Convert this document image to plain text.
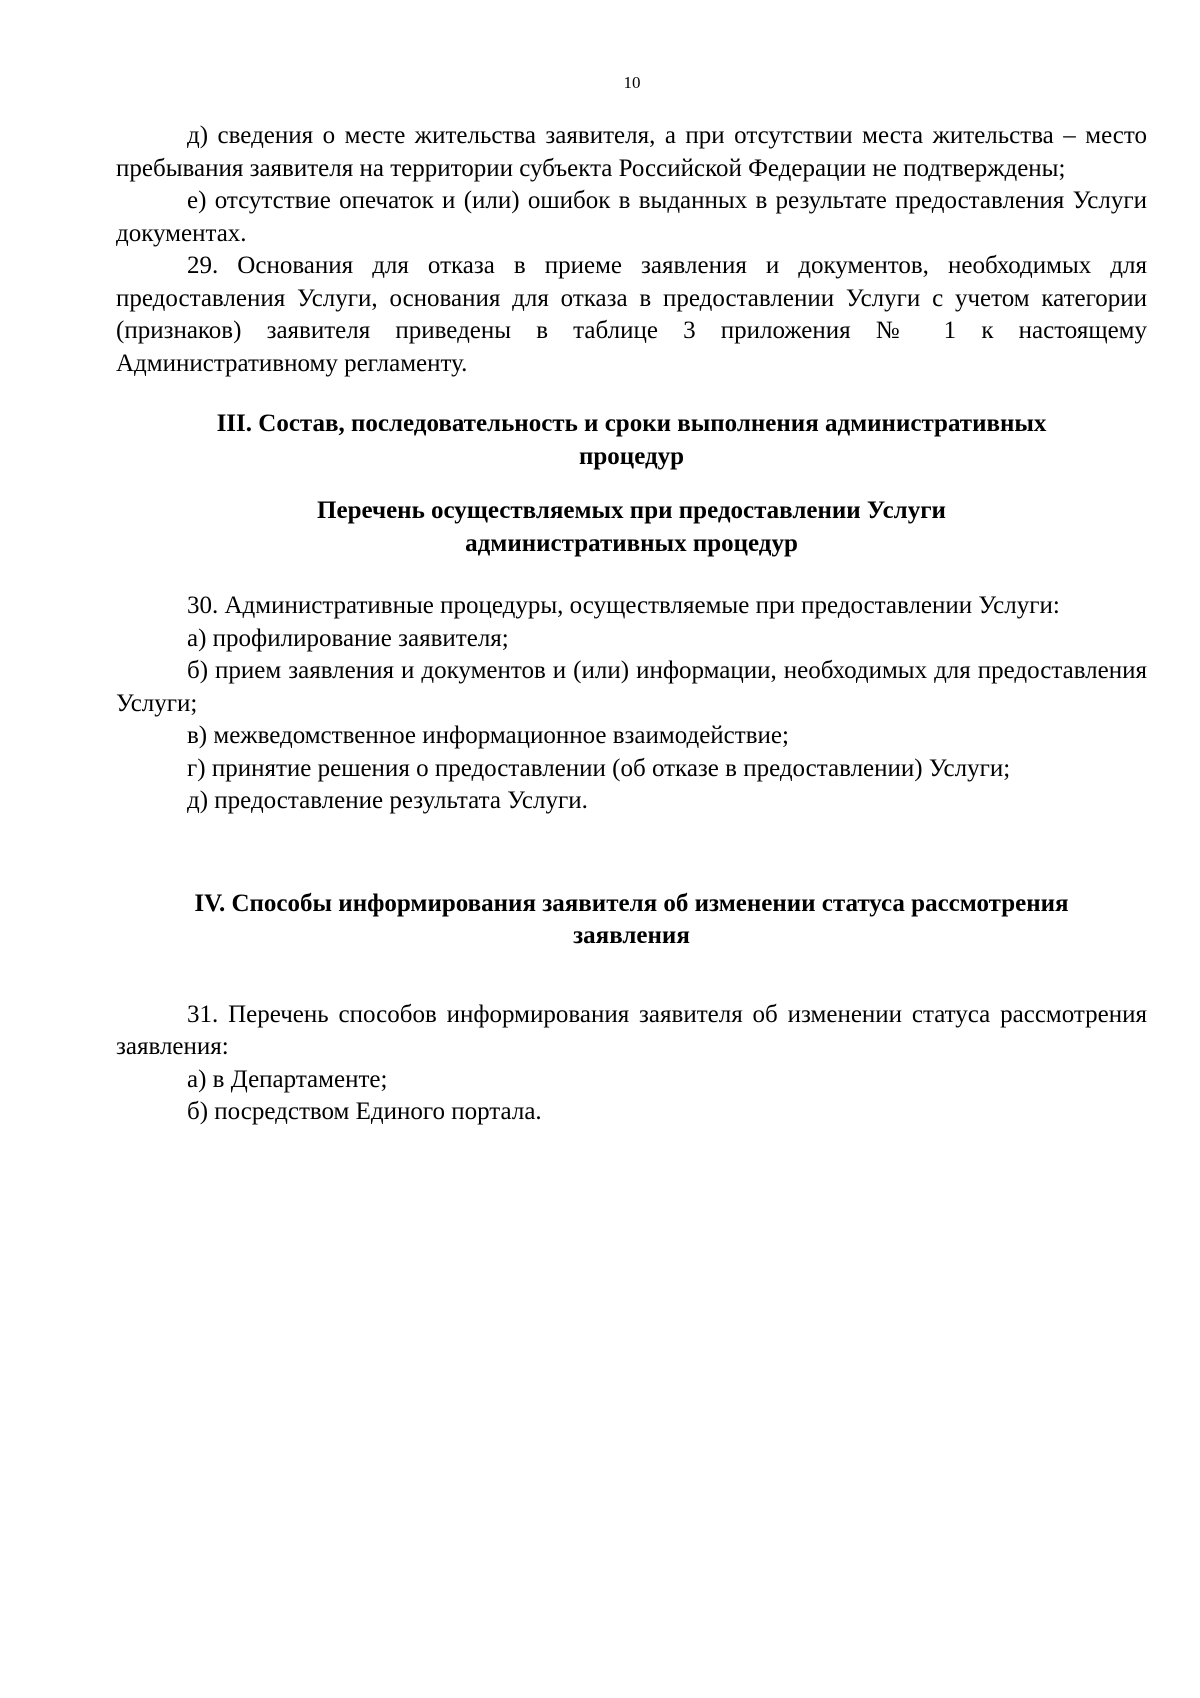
10

д) сведения о месте жительства заявителя, а при отсутствии места жительства – место пребывания заявителя на территории субъекта Российской Федерации не подтверждены;

е) отсутствие опечаток и (или) ошибок в выданных в результате предоставления Услуги документах.

29. Основания для отказа в приеме заявления и документов, необходимых для предоставления Услуги, основания для отказа в предоставлении Услуги с учетом категории (признаков) заявителя приведены в таблице 3 приложения № 1 к настоящему Административному регламенту.

III. Состав, последовательность и сроки выполнения административных
процедур
Перечень осуществляемых при предоставлении Услуги
административных процедур

30. Административные процедуры, осуществляемые при предоставлении Услуги:

а) профилирование заявителя;

б) прием заявления и документов и (или) информации, необходимых для предоставления Услуги;

в) межведомственное информационное взаимодействие;

г) принятие решения о предоставлении (об отказе в предоставлении) Услуги;

д) предоставление результата Услуги.

IV. Способы информирования заявителя об изменении статуса рассмотрения
заявления

31. Перечень способов информирования заявителя об изменении статуса рассмотрения заявления:

а) в Департаменте;

б) посредством Единого портала.
